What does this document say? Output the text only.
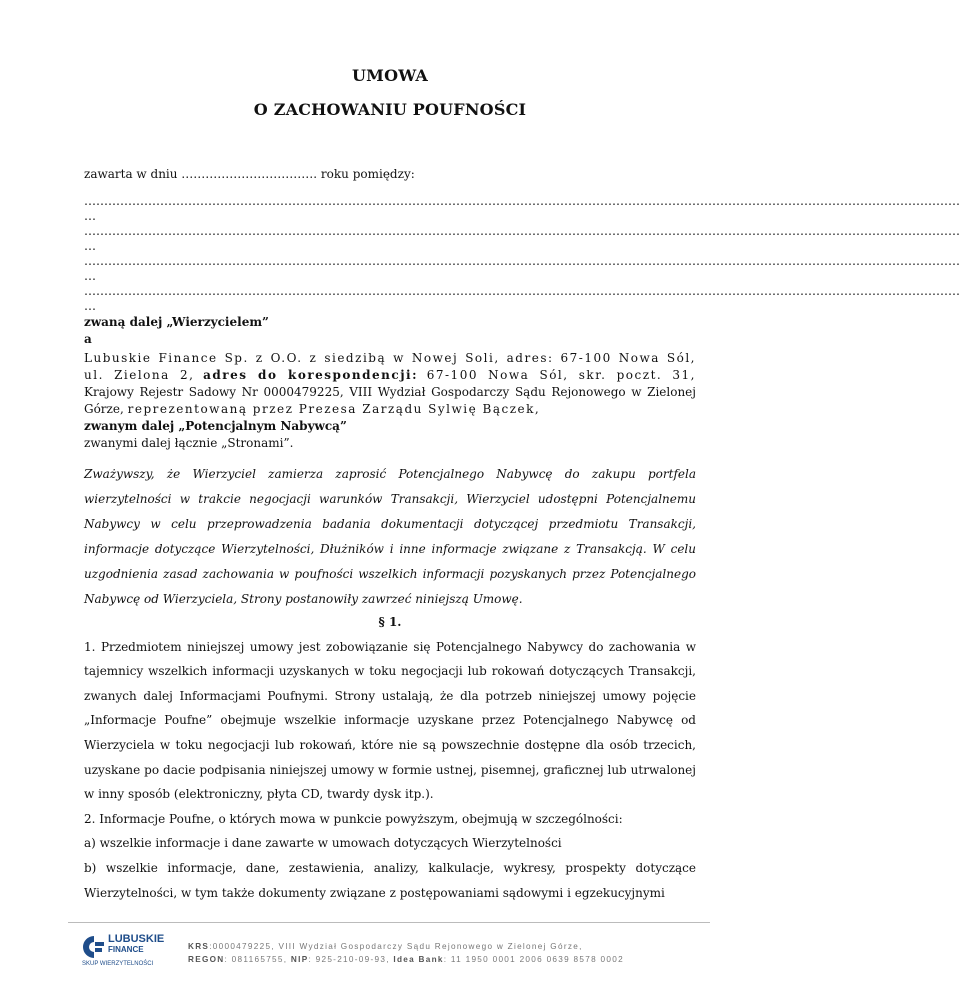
UMOWA
O ZACHOWANIU POUFNOŚCI
zawarta w dniu ……………………………. roku pomiędzy:
…………………………………………………………………………………………………………………………………………………………………………………………………
…
…………………………………………………………………………………………………………………………………………………………………………………………………
…
…………………………………………………………………………………………………………………………………………………………………………………………………
…
…………………………………………………………………………………………………………………………………………………………………………………………………
…
zwaną dalej „Wierzycielem”
a
Lubuskie Finance Sp. z O.O. z siedzibą w Nowej Soli, adres: 67-100 Nowa Sól, ul. Zielona 2, adres do korespondencji: 67-100 Nowa Sól, skr. poczt. 31, Krajowy Rejestr Sadowy Nr 0000479225, VIII Wydział Gospodarczy Sądu Rejonowego w Zielonej Górze, reprezentowaną przez Prezesa Zarządu Sylwię Bączek,
zwanym dalej „Potencjalnym Nabywcą”
zwanymi dalej łącznie „Stronami”.

Zważywszy, że Wierzyciel zamierza zaprosić Potencjalnego Nabywcę do zakupu portfela wierzytelności w trakcie negocjacji warunków Transakcji, Wierzyciel udostępni Potencjalnemu Nabywcy w celu przeprowadzenia badania dokumentacji dotyczącej przedmiotu Transakcji, informacje dotyczące Wierzytelności, Dłużników i inne informacje związane z Transakcją. W celu uzgodnienia zasad zachowania w poufności wszelkich informacji pozyskanych przez Potencjalnego Nabywcę od Wierzyciela, Strony postanowiły zawrzeć niniejszą Umowę.

§ 1.

1. Przedmiotem niniejszej umowy jest zobowiązanie się Potencjalnego Nabywcy do zachowania w tajemnicy wszelkich informacji uzyskanych w toku negocjacji lub rokowań dotyczących Transakcji, zwanych dalej Informacjami Poufnymi. Strony ustalają, że dla potrzeb niniejszej umowy pojęcie „Informacje Poufne” obejmuje wszelkie informacje uzyskane przez Potencjalnego Nabywcę od Wierzyciela w toku negocjacji lub rokowań, które nie są powszechnie dostępne dla osób trzecich, uzyskane po dacie podpisania niniejszej umowy w formie ustnej, pisemnej, graficznej lub utrwalonej w inny sposób (elektroniczny, płyta CD, twardy dysk itp.).

2. Informacje Poufne, o których mowa w punkcie powyższym, obejmują w szczególności:

a) wszelkie informacje i dane zawarte w umowach dotyczących Wierzytelności

b) wszelkie informacje, dane, zestawienia, analizy, kalkulacje, wykresy, prospekty dotyczące Wierzytelności, w tym także dokumenty związane z postępowaniami sądowymi i egzekucyjnymi

LUBUSKIE
FINANCE
SKUP WIERZYTELNOŚCI
KRS:0000479225, VIII Wydział Gospodarczy Sądu Rejonowego w Zielonej Górze,
REGON: 081165755, NIP: 925-210-09-93, Idea Bank: 11 1950 0001 2006 0639 8578 0002
